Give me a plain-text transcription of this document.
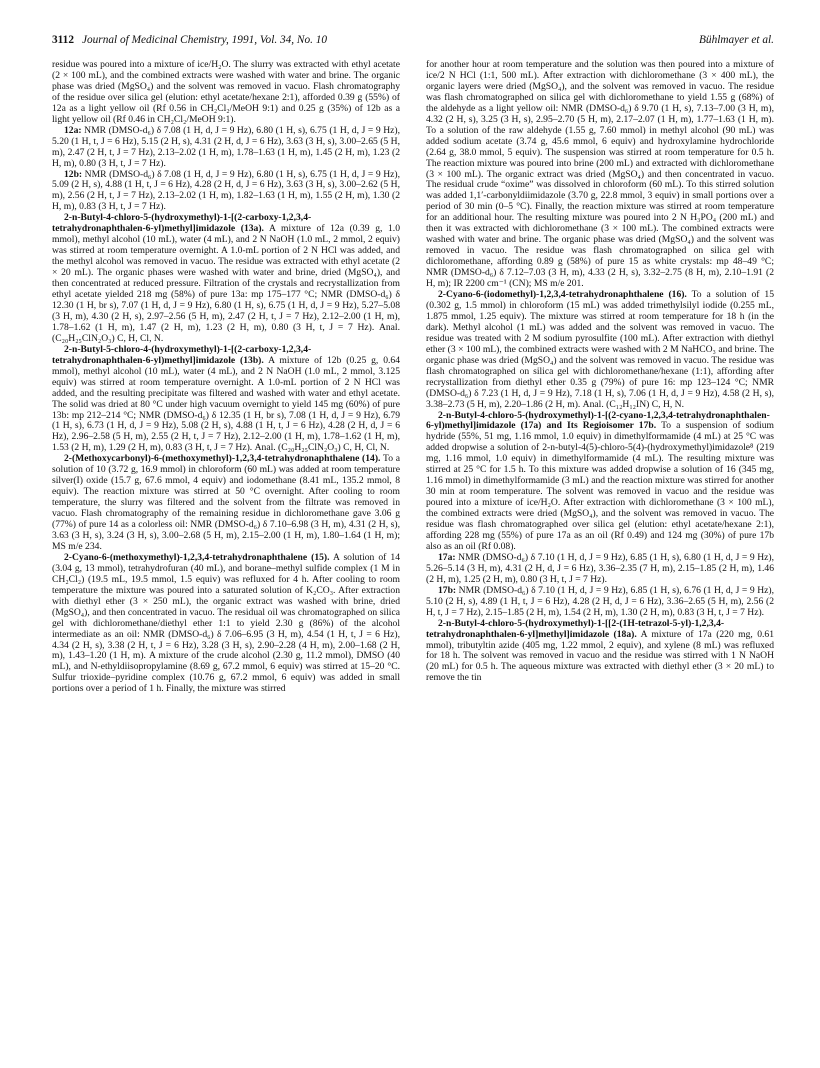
3112 Journal of Medicinal Chemistry, 1991, Vol. 34, No. 10	Bühlmayer et al.

residue was poured into a mixture of ice/H₂O. The slurry was extracted with ethyl acetate (2 × 100 mL), and the combined extracts were washed with water and brine. The organic phase was dried (MgSO₄) and the solvent was removed in vacuo. Flash chromatography of the residue over silica gel (elution: ethyl acetate/hexane 2:1), afforded 0.39 g (55%) of 12a as a light yellow oil (Rf 0.56 in CH₂Cl₂/MeOH 9:1) and 0.25 g (35%) of 12b as a light yellow oil (Rf 0.46 in CH₂Cl₂/MeOH 9:1).

12a: NMR (DMSO-d₆) δ 7.08 (1 H, d, J = 9 Hz), 6.80 (1 H, s), 6.75 (1 H, d, J = 9 Hz), 5.20 (1 H, t, J = 6 Hz), 5.15 (2 H, s), 4.31 (2 H, d, J = 6 Hz), 3.63 (3 H, s), 3.00–2.65 (5 H, m), 2.47 (2 H, t, J = 7 Hz), 2.13–2.02 (1 H, m), 1.78–1.63 (1 H, m), 1.45 (2 H, m), 1.23 (2 H, m), 0.80 (3 H, t, J = 7 Hz).

12b: NMR (DMSO-d₆) δ 7.08 (1 H, d, J = 9 Hz), 6.80 (1 H, s), 6.75 (1 H, d, J = 9 Hz), 5.09 (2 H, s), 4.88 (1 H, t, J = 6 Hz), 4.28 (2 H, d, J = 6 Hz), 3.63 (3 H, s), 3.00–2.62 (5 H, m), 2.56 (2 H, t, J = 7 Hz), 2.13–2.02 (1 H, m), 1.82–1.63 (1 H, m), 1.55 (2 H, m), 1.30 (2 H, m), 0.83 (3 H, t, J = 7 Hz).

2-n-Butyl-4-chloro-5-(hydroxymethyl)-1-[(2-carboxy-1,2,3,4-tetrahydronaphthalen-6-yl)methyl]imidazole (13a). A mixture of 12a (0.39 g, 1.0 mmol), methyl alcohol (10 mL), water (4 mL), and 2 N NaOH (1.0 mL, 2 mmol, 2 equiv) was stirred at room temperature overnight. A 1.0-mL portion of 2 N HCl was added, and the methyl alcohol was removed in vacuo. The residue was extracted with ethyl acetate (2 × 20 mL). The organic phases were washed with water and brine, dried (MgSO₄), and then concentrated at reduced pressure. Filtration of the crystals and recrystallization from ethyl acetate yielded 218 mg (58%) of pure 13a: mp 175–177 °C; NMR (DMSO-d₆) δ 12.30 (1 H, br s), 7.07 (1 H, d, J = 9 Hz), 6.80 (1 H, s), 6.75 (1 H, d, J = 9 Hz), 5.27–5.08 (3 H, m), 4.30 (2 H, s), 2.97–2.56 (5 H, m), 2.47 (2 H, t, J = 7 Hz), 2.12–2.00 (1 H, m), 1.78–1.62 (1 H, m), 1.47 (2 H, m), 1.23 (2 H, m), 0.80 (3 H, t, J = 7 Hz). Anal. (C₂₀H₂₅ClN₂O₃) C, H, Cl, N.

2-n-Butyl-5-chloro-4-(hydroxymethyl)-1-[(2-carboxy-1,2,3,4-tetrahydronaphthalen-6-yl)methyl]imidazole (13b). A mixture of 12b (0.25 g, 0.64 mmol), methyl alcohol (10 mL), water (4 mL), and 2 N NaOH (1.0 mL, 2 mmol, 3.125 equiv) was stirred at room temperature overnight. A 1.0-mL portion of 2 N HCl was added, and the resulting precipitate was filtered and washed with water and ethyl acetate. The solid was dried at 80 °C under high vacuum overnight to yield 145 mg (60%) of pure 13b: mp 212–214 °C; NMR (DMSO-d₆) δ 12.35 (1 H, br s), 7.08 (1 H, d, J = 9 Hz), 6.79 (1 H, s), 6.73 (1 H, d, J = 9 Hz), 5.08 (2 H, s), 4.88 (1 H, t, J = 6 Hz), 4.28 (2 H, d, J = 6 Hz), 2.96–2.58 (5 H, m), 2.55 (2 H, t, J = 7 Hz), 2.12–2.00 (1 H, m), 1.78–1.62 (1 H, m), 1.53 (2 H, m), 1.29 (2 H, m), 0.83 (3 H, t, J = 7 Hz). Anal. (C₂₀H₂₅ClN₂O₃) C, H, Cl, N.

2-(Methoxycarbonyl)-6-(methoxymethyl)-1,2,3,4-tetrahydronaphthalene (14). To a solution of 10 (3.72 g, 16.9 mmol) in chloroform (60 mL) was added at room temperature silver(I) oxide (15.7 g, 67.6 mmol, 4 equiv) and iodomethane (8.41 mL, 135.2 mmol, 8 equiv). The reaction mixture was stirred at 50 °C overnight. After cooling to room temperature, the slurry was filtered and the solvent from the filtrate was removed in vacuo. Flash chromatography of the remaining residue in dichloromethane gave 3.06 g (77%) of pure 14 as a colorless oil: NMR (DMSO-d₆) δ 7.10–6.98 (3 H, m), 4.31 (2 H, s), 3.63 (3 H, s), 3.24 (3 H, s), 3.00–2.68 (5 H, m), 2.15–2.00 (1 H, m), 1.80–1.64 (1 H, m); MS m/e 234.

2-Cyano-6-(methoxymethyl)-1,2,3,4-tetrahydronaphthalene (15). A solution of 14 (3.04 g, 13 mmol), tetrahydrofuran (40 mL), and borane–methyl sulfide complex (1 M in CH₂Cl₂) (19.5 mL, 19.5 mmol, 1.5 equiv) was refluxed for 4 h. After cooling to room temperature the mixture was poured into a saturated solution of K₂CO₃. After extraction with diethyl ether (3 × 250 mL), the organic extract was washed with brine, dried (MgSO₄), and then concentrated in vacuo. The residual oil was chromatographed on silica gel with dichloromethane/diethyl ether 1:1 to yield 2.30 g (86%) of the alcohol intermediate as an oil: NMR (DMSO-d₆) δ 7.06–6.95 (3 H, m), 4.54 (1 H, t, J = 6 Hz), 4.34 (2 H, s), 3.38 (2 H, t, J = 6 Hz), 3.28 (3 H, s), 2.90–2.28 (4 H, m), 2.00–1.68 (2 H, m), 1.43–1.20 (1 H, m). A mixture of the crude alcohol (2.30 g, 11.2 mmol), DMSO (40 mL), and N-ethyldiisopropylamine (8.69 g, 67.2 mmol, 6 equiv) was stirred at 15–20 °C. Sulfur trioxide–pyridine complex (10.76 g, 67.2 mmol, 6 equiv) was added in small portions over a period of 1 h. Finally, the mixture was stirred

for another hour at room temperature and the solution was then poured into a mixture of ice/2 N HCl (1:1, 500 mL). After extraction with dichloromethane (3 × 400 mL), the organic layers were dried (MgSO₄), and the solvent was removed in vacuo. The residue was flash chromatographed on silica gel with dichloromethane to yield 1.55 g (68%) of the aldehyde as a light yellow oil: NMR (DMSO-d₆) δ 9.70 (1 H, s), 7.13–7.00 (3 H, m), 4.32 (2 H, s), 3.25 (3 H, s), 2.95–2.70 (5 H, m), 2.17–2.07 (1 H, m), 1.77–1.63 (1 H, m). To a solution of the raw aldehyde (1.55 g, 7.60 mmol) in methyl alcohol (90 mL) was added sodium acetate (3.74 g, 45.6 mmol, 6 equiv) and hydroxylamine hydrochloride (2.64 g, 38.0 mmol, 5 equiv). The suspension was stirred at room temperature for 0.5 h. The reaction mixture was poured into brine (200 mL) and extracted with dichloromethane (3 × 100 mL). The organic extract was dried (MgSO₄) and then concentrated in vacuo. The residual crude “oxime” was dissolved in chloroform (60 mL). To this stirred solution was added 1,1′-carbonyldiimidazole (3.70 g, 22.8 mmol, 3 equiv) in small portions over a period of 30 min (0–5 °C). Finally, the reaction mixture was stirred at room temperature for an additional hour. The resulting mixture was poured into 2 N H₃PO₄ (200 mL) and then it was extracted with dichloromethane (3 × 100 mL). The combined extracts were washed with water and brine. The organic phase was dried (MgSO₄) and the solvent was removed in vacuo. The residue was flash chromatographed on silica gel with dichloromethane, affording 0.89 g (58%) of pure 15 as white crystals: mp 48–49 °C; NMR (DMSO-d₆) δ 7.12–7.03 (3 H, m), 4.33 (2 H, s), 3.32–2.75 (8 H, m), 2.10–1.91 (2 H, m); IR 2200 cm⁻¹ (CN); MS m/e 201.

2-Cyano-6-(iodomethyl)-1,2,3,4-tetrahydronaphthalene (16). To a solution of 15 (0.302 g, 1.5 mmol) in chloroform (15 mL) was added trimethylsilyl iodide (0.255 mL, 1.875 mmol, 1.25 equiv). The mixture was stirred at room temperature for 18 h (in the dark). Methyl alcohol (1 mL) was added and the solvent was removed in vacuo. The residue was treated with 2 M sodium pyrosulfite (100 mL). After extraction with diethyl ether (3 × 100 mL), the combined extracts were washed with 2 M NaHCO₃ and brine. The organic phase was dried (MgSO₄) and the solvent was removed in vacuo. The residue was flash chromatographed on silica gel with dichloromethane/hexane (1:1), affording after recrystallization from diethyl ether 0.35 g (79%) of pure 16: mp 123–124 °C; NMR (DMSO-d₆) δ 7.23 (1 H, d, J = 9 Hz), 7.18 (1 H, s), 7.06 (1 H, d, J = 9 Hz), 4.58 (2 H, s), 3.38–2.73 (5 H, m), 2.20–1.86 (2 H, m). Anal. (C₁₂H₁₂IN) C, H, N.

2-n-Butyl-4-chloro-5-(hydroxymethyl)-1-[(2-cyano-1,2,3,4-tetrahydronaphthalen-6-yl)methyl]imidazole (17a) and Its Regioisomer 17b. To a suspension of sodium hydride (55%, 51 mg, 1.16 mmol, 1.0 equiv) in dimethylformamide (4 mL) at 25 °C was added dropwise a solution of 2-n-butyl-4(5)-chloro-5(4)-(hydroxymethyl)imidazole⁸ (219 mg, 1.16 mmol, 1.0 equiv) in dimethylformamide (4 mL). The resulting mixture was stirred at 25 °C for 1.5 h. To this mixture was added dropwise a solution of 16 (345 mg, 1.16 mmol) in dimethylformamide (3 mL) and the reaction mixture was stirred for another 30 min at room temperature. The solvent was removed in vacuo and the residue was poured into a mixture of ice/H₂O. After extraction with dichloromethane (3 × 100 mL), the combined extracts were dried (MgSO₄), and the solvent was removed in vacuo. The residue was flash chromatographed over silica gel (elution: ethyl acetate/hexane 2:1), affording 228 mg (55%) of pure 17a as an oil (Rf 0.49) and 124 mg (30%) of pure 17b also as an oil (Rf 0.08).

17a: NMR (DMSO-d₆) δ 7.10 (1 H, d, J = 9 Hz), 6.85 (1 H, s), 6.80 (1 H, d, J = 9 Hz), 5.26–5.14 (3 H, m), 4.31 (2 H, d, J = 6 Hz), 3.36–2.35 (7 H, m), 2.15–1.85 (2 H, m), 1.46 (2 H, m), 1.25 (2 H, m), 0.80 (3 H, t, J = 7 Hz).

17b: NMR (DMSO-d₆) δ 7.10 (1 H, d, J = 9 Hz), 6.85 (1 H, s), 6.76 (1 H, d, J = 9 Hz), 5.10 (2 H, s), 4.89 (1 H, t, J = 6 Hz), 4.28 (2 H, d, J = 6 Hz), 3.36–2.65 (5 H, m), 2.56 (2 H, t, J = 7 Hz), 2.15–1.85 (2 H, m), 1.54 (2 H, m), 1.30 (2 H, m), 0.83 (3 H, t, J = 7 Hz).

2-n-Butyl-4-chloro-5-(hydroxymethyl)-1-[[2-(1H-tetrazol-5-yl)-1,2,3,4-tetrahydronaphthalen-6-yl]methyl]imidazole (18a). A mixture of 17a (220 mg, 0.61 mmol), tributyltin azide (405 mg, 1.22 mmol, 2 equiv), and xylene (8 mL) was refluxed for 18 h. The solvent was removed in vacuo and the residue was stirred with 1 N NaOH (20 mL) for 0.5 h. The aqueous mixture was extracted with diethyl ether (3 × 20 mL) to remove the tin
